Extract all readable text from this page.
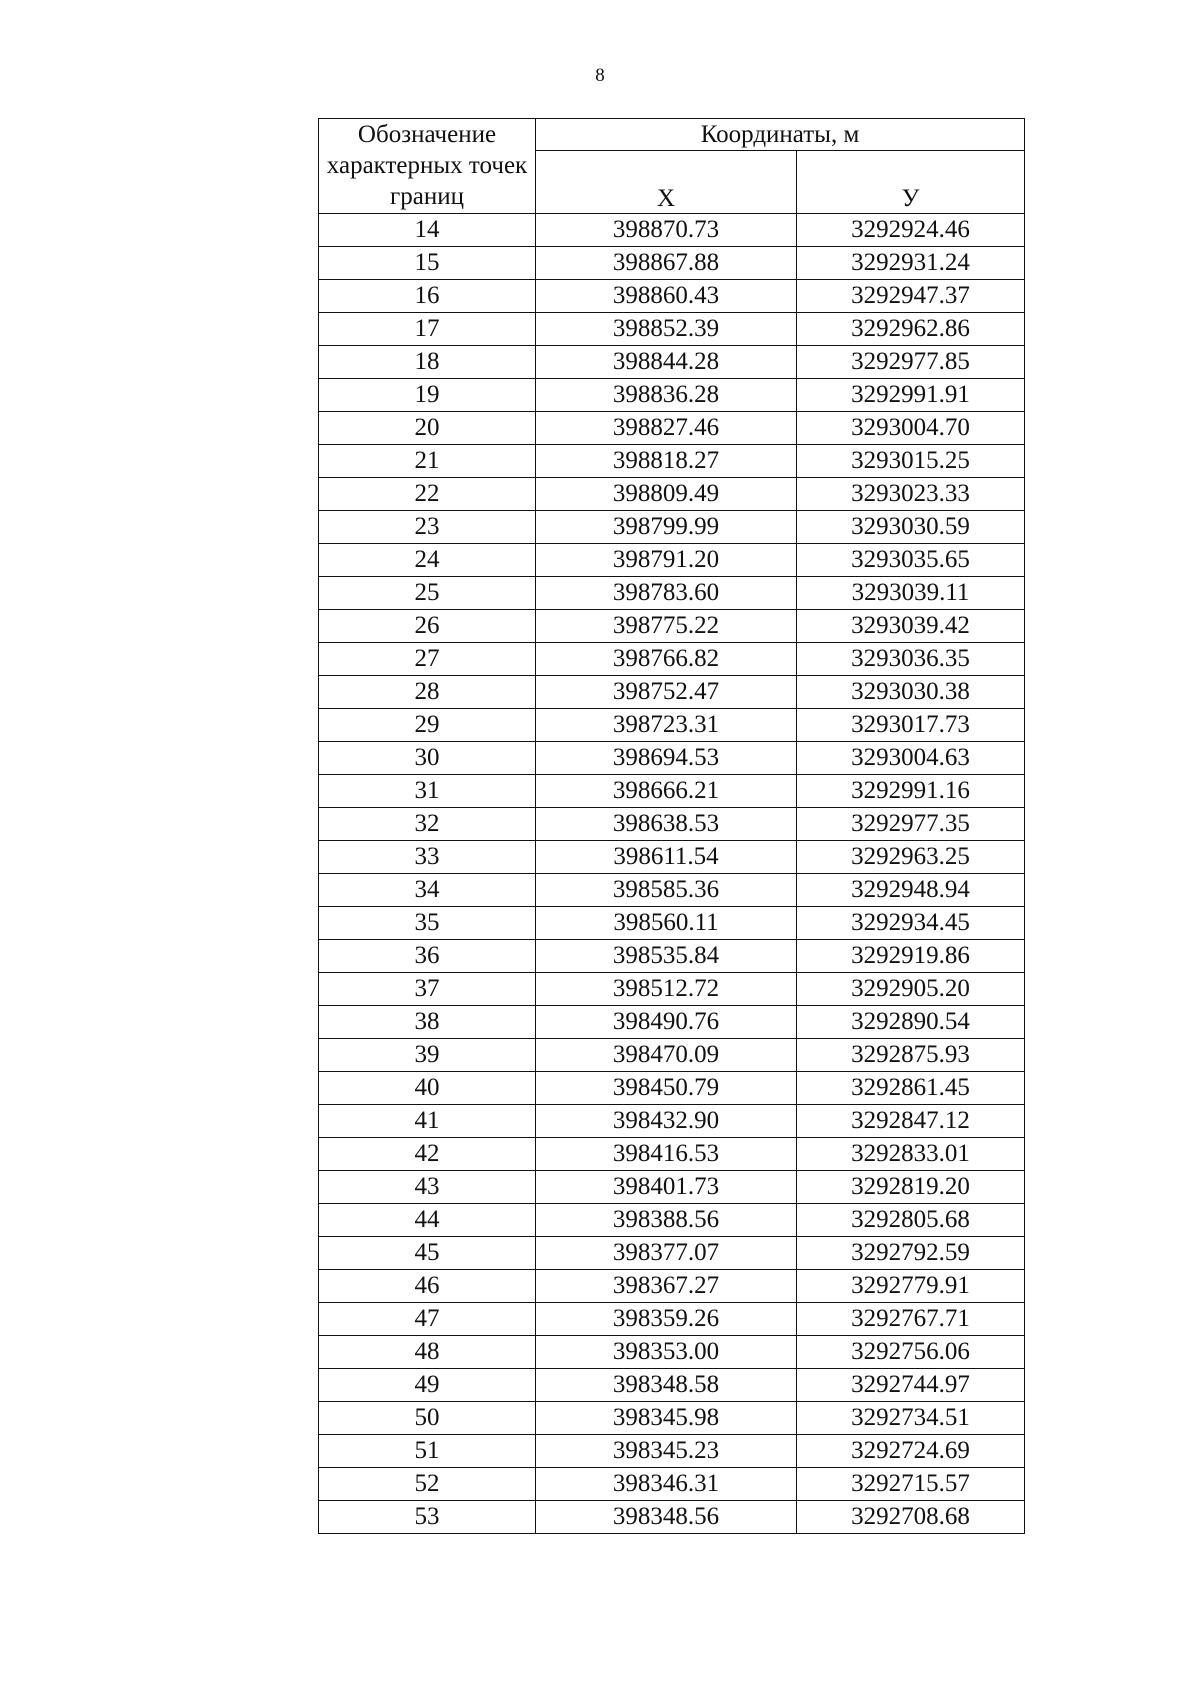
8
Обозначение характерных точек границ	Координаты, м	
	Х	У
14	398870.73	3292924.46
15	398867.88	3292931.24
16	398860.43	3292947.37
17	398852.39	3292962.86
18	398844.28	3292977.85
19	398836.28	3292991.91
20	398827.46	3293004.70
21	398818.27	3293015.25
22	398809.49	3293023.33
23	398799.99	3293030.59
24	398791.20	3293035.65
25	398783.60	3293039.11
26	398775.22	3293039.42
27	398766.82	3293036.35
28	398752.47	3293030.38
29	398723.31	3293017.73
30	398694.53	3293004.63
31	398666.21	3292991.16
32	398638.53	3292977.35
33	398611.54	3292963.25
34	398585.36	3292948.94
35	398560.11	3292934.45
36	398535.84	3292919.86
37	398512.72	3292905.20
38	398490.76	3292890.54
39	398470.09	3292875.93
40	398450.79	3292861.45
41	398432.90	3292847.12
42	398416.53	3292833.01
43	398401.73	3292819.20
44	398388.56	3292805.68
45	398377.07	3292792.59
46	398367.27	3292779.91
47	398359.26	3292767.71
48	398353.00	3292756.06
49	398348.58	3292744.97
50	398345.98	3292734.51
51	398345.23	3292724.69
52	398346.31	3292715.57
53	398348.56	3292708.68
